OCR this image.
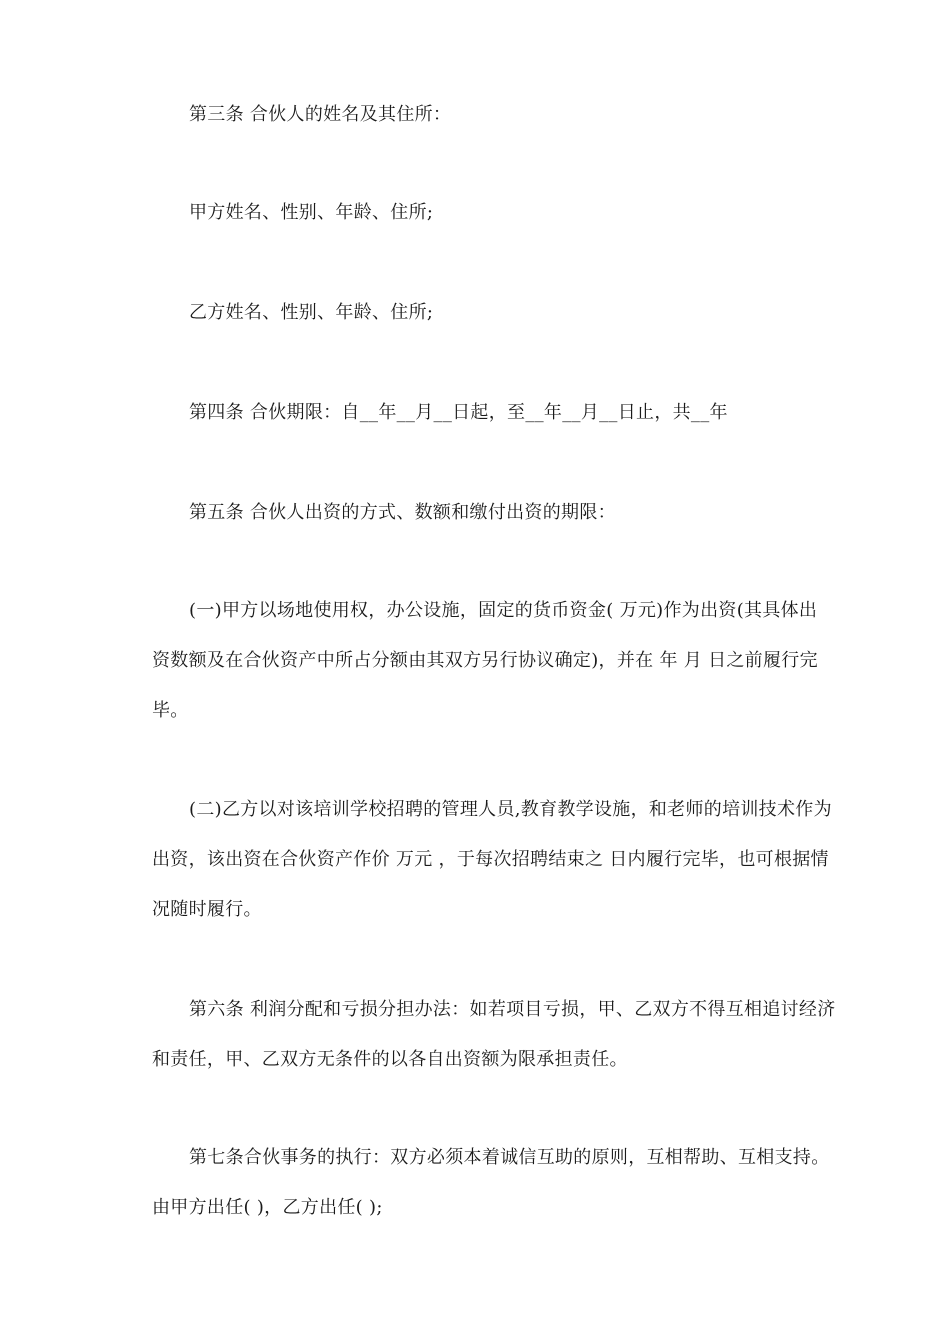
第三条 合伙人的姓名及其住所：
甲方姓名、性别、年龄、住所;
乙方姓名、性别、年龄、住所;
第四条 合伙期限：自__年__月__日起，至__年__月__日止，共__年
第五条 合伙人出资的方式、数额和缴付出资的期限：
(一)甲方以场地使用权，办公设施，固定的货币资金( 万元)作为出资(其具体出
资数额及在合伙资产中所占分额由其双方另行协议确定)，并在 年 月 日之前履行完
毕。
(二)乙方以对该培训学校招聘的管理人员,教育教学设施，和老师的培训技术作为
出资，该出资在合伙资产作价 万元 ，于每次招聘结束之 日内履行完毕，也可根据情
况随时履行。
第六条 利润分配和亏损分担办法：如若项目亏损，甲、乙双方不得互相追讨经济
和责任，甲、乙双方无条件的以各自出资额为限承担责任。
第七条合伙事务的执行：双方必须本着诚信互助的原则，互相帮助、互相支持。
由甲方出任( )，乙方出任( );
